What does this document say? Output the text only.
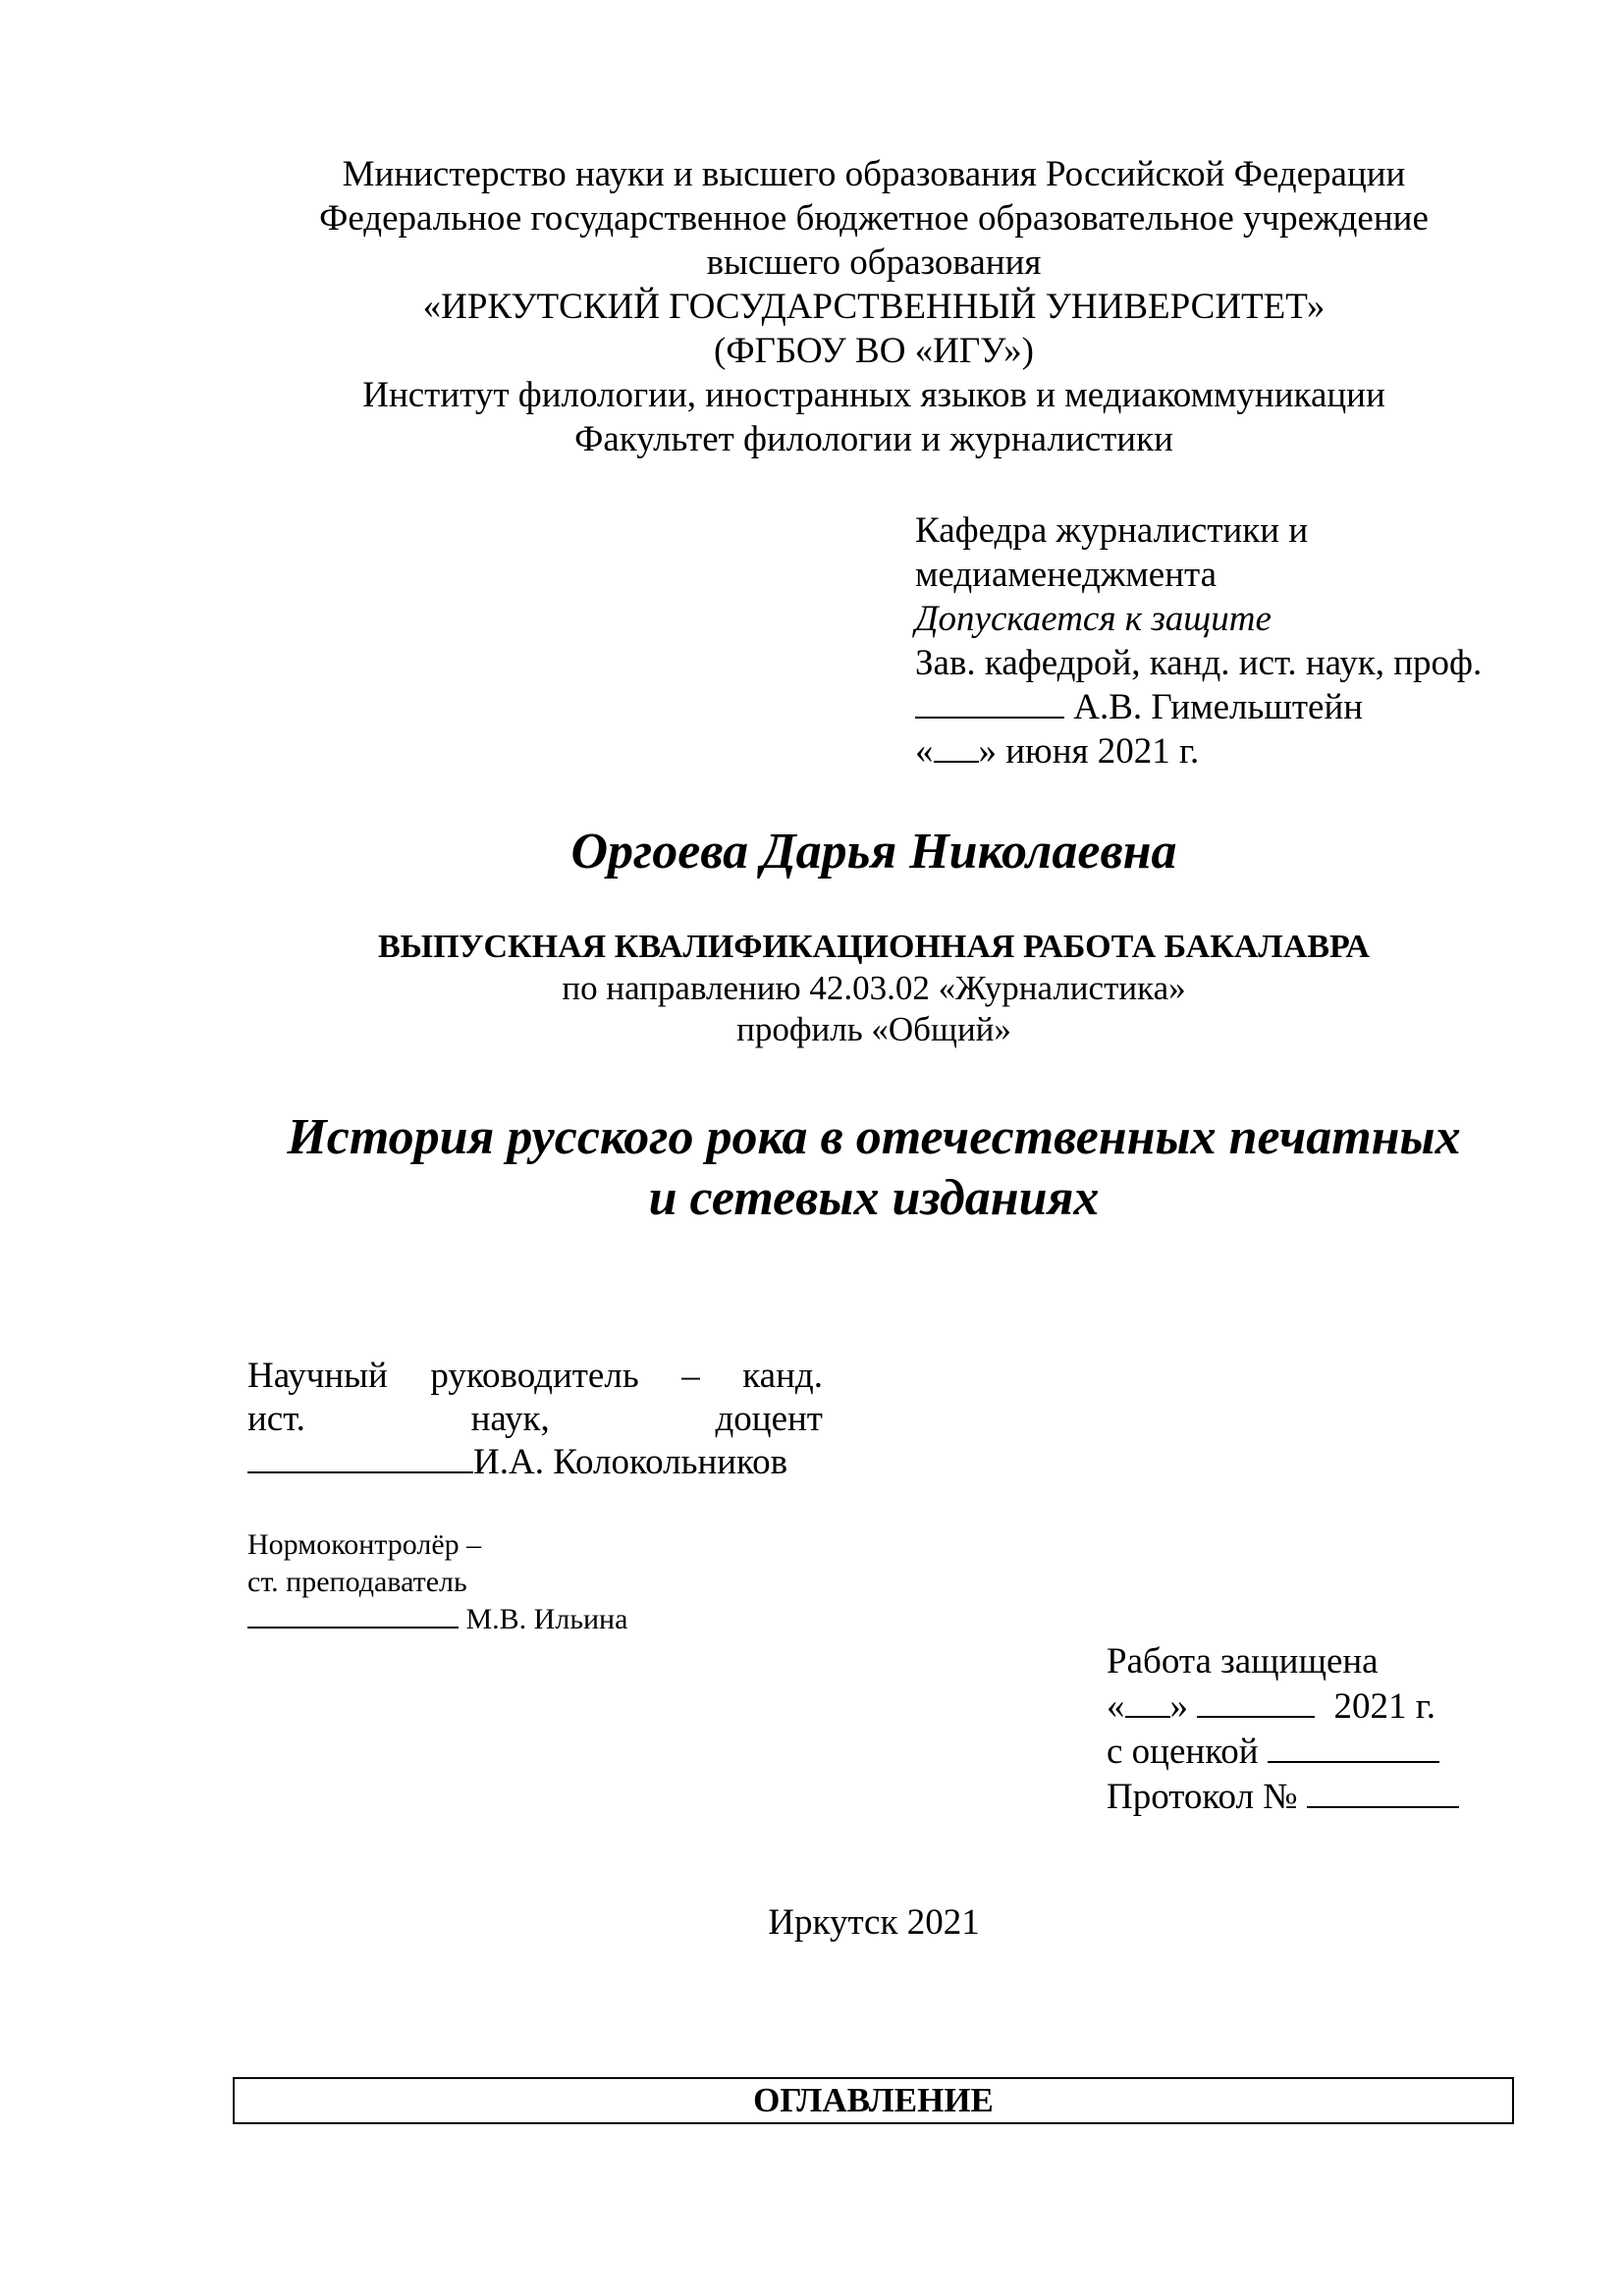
Министерство науки и высшего образования Российской Федерации
Федеральное государственное бюджетное образовательное учреждение
высшего образования
«ИРКУТСКИЙ ГОСУДАРСТВЕННЫЙ УНИВЕРСИТЕТ»
(ФГБОУ ВО «ИГУ»)
Институт филологии, иностранных языков и медиакоммуникации
Факультет филологии и журналистики
Кафедра журналистики и
медиаменеджмента
Допускается к защите
Зав. кафедрой, канд. ист. наук, проф.
А.В. Гимельштейн
« » июня 2021 г.
Оргоева Дарья Николаевна
ВЫПУСКНАЯ КВАЛИФИКАЦИОННАЯ РАБОТА БАКАЛАВРА
по направлению 42.03.02 «Журналистика»
профиль «Общий»
История русского рока в отечественных печатных
и сетевых изданиях
Научный руководитель – канд.
ист.	наук,	доцент
И.А. Колокольников
Нормоконтролёр –
ст. преподаватель
М.В. Ильина
Работа защищена
« »	2021 г.
с оценкой
Протокол №
Иркутск 2021
ОГЛАВЛЕНИЕ
